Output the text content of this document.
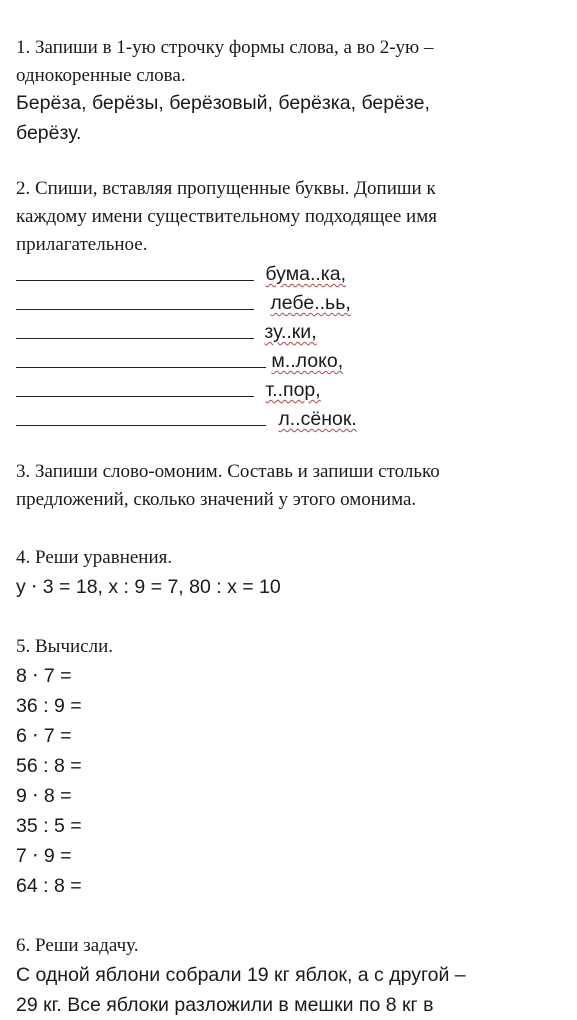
1. Запиши в 1-ую строчку формы слова, а во 2-ую –
однокоренные слова.
Берёза, берёзы, берёзовый, берёзка, берёзе,
берёзу.
2. Спиши, вставляя пропущенные буквы. Допиши к
каждому имени существительному подходящее имя
прилагательное.
бума..ка,
лебе..ьь,
зу..ки,
м..локо,
т..пор,
л..сёнок.
3. Запиши слово-омоним. Составь и запиши столько
предложений, сколько значений у этого омонима.
4. Реши уравнения.
у ⋅ 3 = 18, х : 9 = 7, 80 : х = 10
5. Вычисли.
8 ⋅ 7 =
36 : 9 =
6 ⋅ 7 =
56 : 8 =
9 ⋅ 8 =
35 : 5 =
7 ⋅ 9 =
64 : 8 =
6. Реши задачу.
С одной яблони собрали 19 кг яблок, а с другой –
29 кг. Все яблоки разложили в мешки по 8 кг в
